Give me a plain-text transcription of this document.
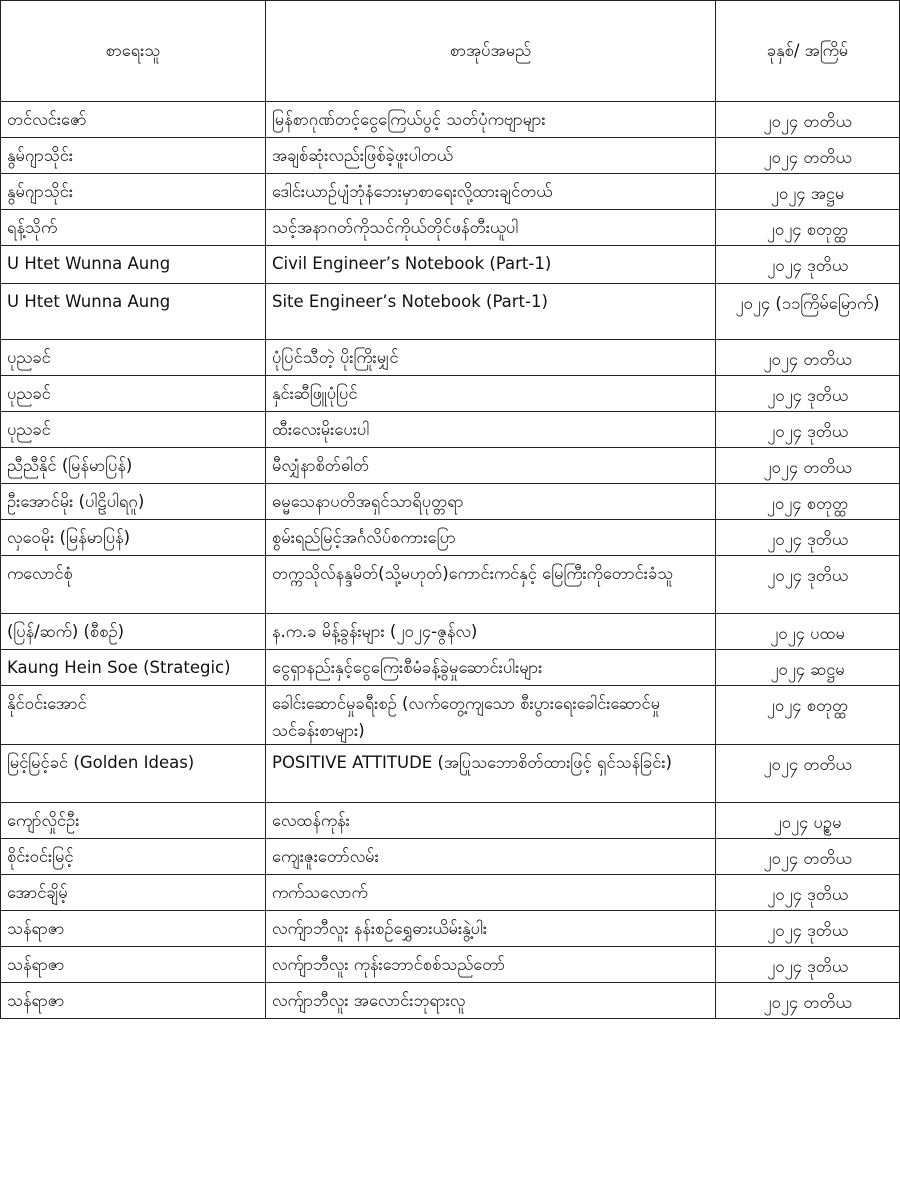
စာရေးသူ	စာအုပ်အမည်	ခုနှစ်/ အကြိမ်

တင်လင်းဇော်	မြန်စာဂုဏ်တင့်ငွေကြေယ်ပွင့် သတ်ပုံကဗျာများ	၂၀၂၄ တတိယ

နွမ်ဂျာသိုင်း	အချစ်ဆုံးလည်းဖြစ်ခဲ့ဖူးပါတယ်	၂၀၂၄ တတိယ

နွမ်ဂျာသိုင်း	ဒေါင်းယာဉ်ပျံဘုံနံဘေးမှာစာရေးလို့ထားချင်တယ်	၂၀၂၄ အဋ္ဌမ

ရန့်သိုက်	သင့်အနာဂတ်ကိုသင်ကိုယ်တိုင်ဖန်တီးယူပါ	၂၀၂၄ စတုတ္ထ

U Htet Wunna Aung	Civil Engineer’s Notebook (Part-1)	၂၀၂၄ ဒုတိယ

U Htet Wunna Aung	Site Engineer’s Notebook (Part-1)	၂၀၂၄ (၁၁ကြိမ်မြောက်)

ပုညခင်	ပုံပြင်သီတဲ့ ပိုးကြိုးမျှင်	၂၀၂၄ တတိယ

ပုညခင်	နှင်းဆီဖြူပုံပြင်	၂၀၂၄ ဒုတိယ

ပုညခင်	ထီးလေးမိုးပေးပါ	၂၀၂၄ ဒုတိယ

ညီညီနိုင် (မြန်မာပြန်)	မီလျှံနာစိတ်ဓါတ်	၂၀၂၄ တတိယ

ဦးအောင်မိုး (ပါဠိပါရဂူ)	ဓမ္မသေနာပတိအရှင်သာရိပုတ္တရာ	၂၀၂၄ စတုတ္ထ

လှဝေမိုး (မြန်မာပြန်)	စွမ်းရည်မြင့်အင်္ဂလိပ်စကားပြော	၂၀၂၄ ဒုတိယ

ကလောင်စုံ	တက္ကသိုလ်နန္ဒမိတ်(သို့မဟုတ်)ကောင်းကင်နှင့် မြေကြီးကိုတောင်းခံသူ	၂၀၂၄ ဒုတိယ

(ပြန်/ဆက်) (စီစဉ်)	န.က.ခ မိန့်ခွန်းများ (၂၀၂၄-ဇွန်လ)	၂၀၂၄ ပထမ

Kaung Hein Soe (Strategic)	ငွေရှာနည်းနှင့်ငွေကြေးစီမံခန့်ခွဲမှုဆောင်းပါးများ	၂၀၂၄ ဆဋ္ဌမ

နိုင်ဝင်းအောင်	ခေါင်းဆောင်မှုခရီးစဉ် (လက်တွေ့ကျသော စီးပွားရေးခေါင်းဆောင်မှု သင်ခန်းစာများ)	၂၀၂၄ စတုတ္ထ

မြင့်မြင့်ခင် (Golden Ideas)	POSITIVE ATTITUDE (အပြုသဘောစိတ်ထားဖြင့် ရှင်သန်ခြင်း)	၂၀၂၄ တတိယ

ကျော်လှိုင်ဦး	လေထန်ကုန်း	၂၀၂၄ ပဥ္စမ

စိုင်းဝင်းမြင့်	ကျေးဇူးတော်လမ်း	၂၀၂၄ တတိယ

အောင်ချိမ့်	ကက်သလောက်	၂၀၂၄ ဒုတိယ

သန်ရာဇာ	လက်ျာဘီလူး နန်းစဉ်ရွှေဓားယိမ်းနွဲ့ပါး	၂၀၂၄ ဒုတိယ

သန်ရာဇာ	လက်ျာဘီလူး ကုန်းဘောင်စစ်သည်တော်	၂၀၂၄ ဒုတိယ

သန်ရာဇာ	လက်ျာဘီလူး အလောင်းဘုရားလူ	၂၀၂၄ တတိယ
